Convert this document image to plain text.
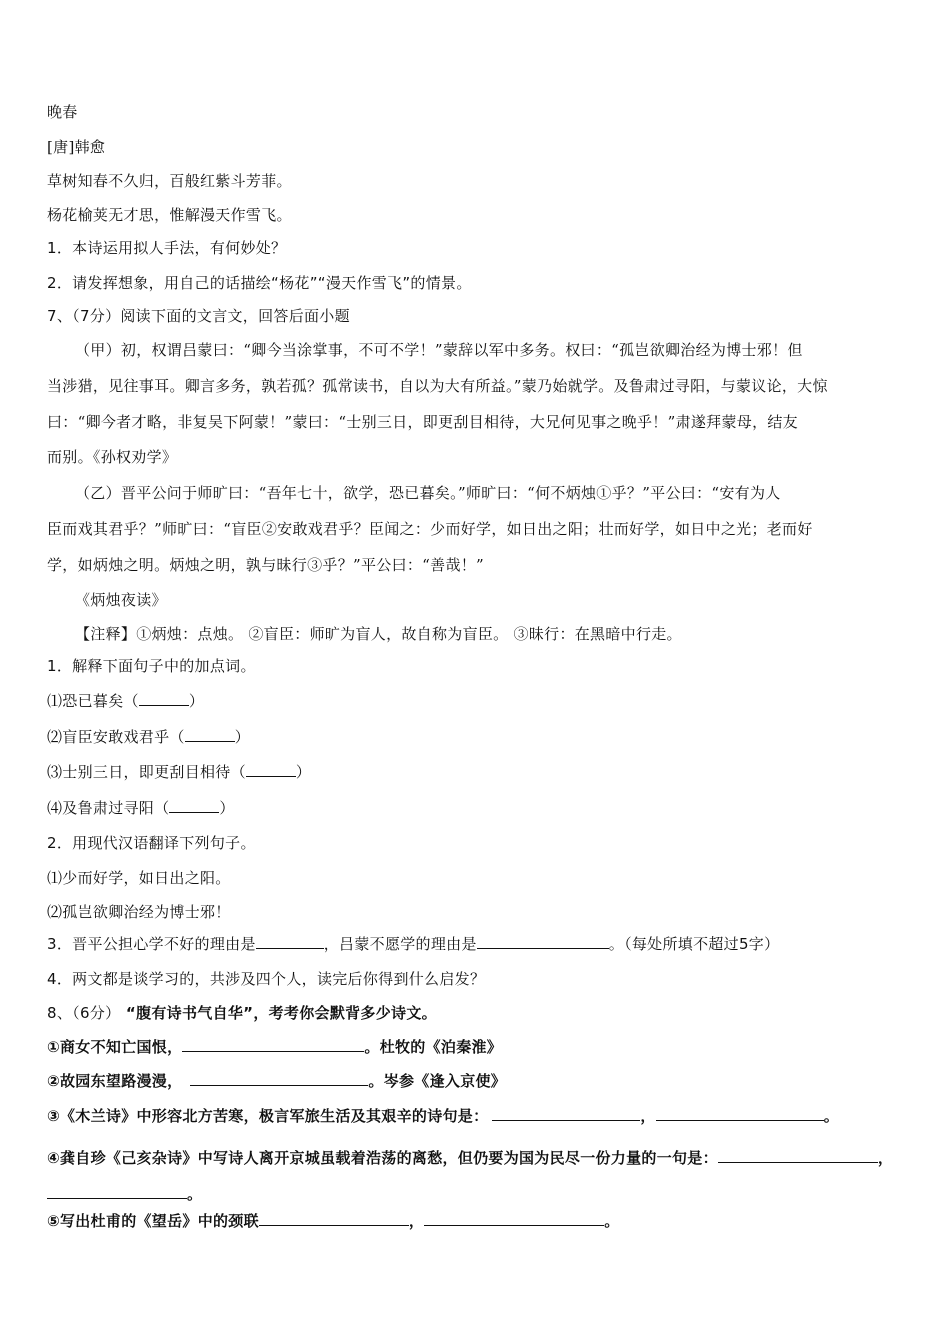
晚春
[唐]韩愈
草树知春不久归，百般红紫斗芳菲。
杨花榆荚无才思，惟解漫天作雪飞。
1．本诗运用拟人手法，有何妙处？
2．请发挥想象，用自己的话描绘“杨花”“漫天作雪飞”的情景。
7、（7分）阅读下面的文言文，回答后面小题
（甲）初，权谓吕蒙曰：“卿今当涂掌事，不可不学！”蒙辞以军中多务。权曰：“孤岂欲卿治经为博士邪！但
当涉猎，见往事耳。卿言多务，孰若孤？孤常读书，自以为大有所益。”蒙乃始就学。及鲁肃过寻阳，与蒙议论，大惊
曰：“卿今者才略，非复吴下阿蒙！”蒙曰：“士别三日，即更刮目相待，大兄何见事之晚乎！”肃遂拜蒙母，结友
而别。《孙权劝学》
（乙）晋平公问于师旷曰：“吾年七十，欲学，恐已暮矣。”师旷曰：“何不炳烛①乎？”平公曰：“安有为人
臣而戏其君乎？”师旷曰：“盲臣②安敢戏君乎？臣闻之：少而好学，如日出之阳；壮而好学，如日中之光；老而好
学，如炳烛之明。炳烛之明，孰与昧行③乎？”平公曰：“善哉！”
《炳烛夜读》
【注释】①炳烛：点烛。 ②盲臣：师旷为盲人，故自称为盲臣。 ③昧行：在黑暗中行走。
1．解释下面句子中的加点词。
⑴恐已暮矣（	）
⑵盲臣安敢戏君乎（	）
⑶士别三日，即更刮目相待（	）
⑷及鲁肃过寻阳（	）
2．用现代汉语翻译下列句子。
⑴少而好学，如日出之阳。
⑵孤岂欲卿治经为博士邪！
3．晋平公担心学不好的理由是	，吕蒙不愿学的理由是	。（每处所填不超过5字）
4．两文都是谈学习的，共涉及四个人，读完后你得到什么启发？
8、（6分） “腹有诗书气自华”，考考你会默背多少诗文。
①商女不知亡国恨，	。杜牧的《泊秦淮》
②故园东望路漫漫，	。岑参《逢入京使》
③《木兰诗》中形容北方苦寒，极言军旅生活及其艰辛的诗句是：	，	。
④龚自珍《己亥杂诗》中写诗人离开京城虽载着浩荡的离愁，但仍要为国为民尽一份力量的一句是：	，。
⑤写出杜甫的《望岳》中的颈联	，	。
